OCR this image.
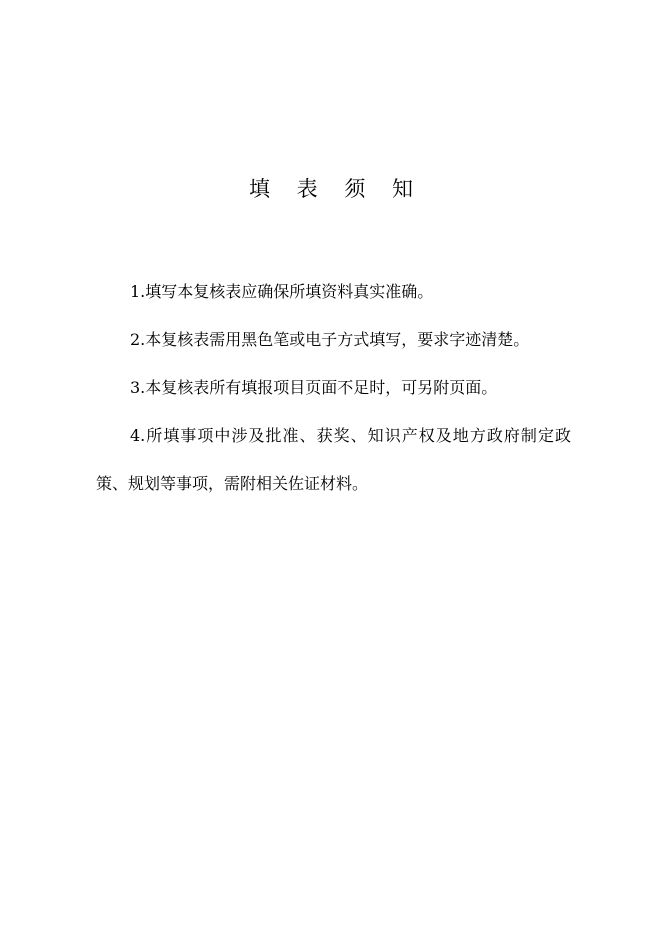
填 表 须 知

1.填写本复核表应确保所填资料真实准确。

2.本复核表需用黑色笔或电子方式填写，要求字迹清楚。

3.本复核表所有填报项目页面不足时，可另附页面。

4.所填事项中涉及批准、获奖、知识产权及地方政府制定政策、规划等事项，需附相关佐证材料。
